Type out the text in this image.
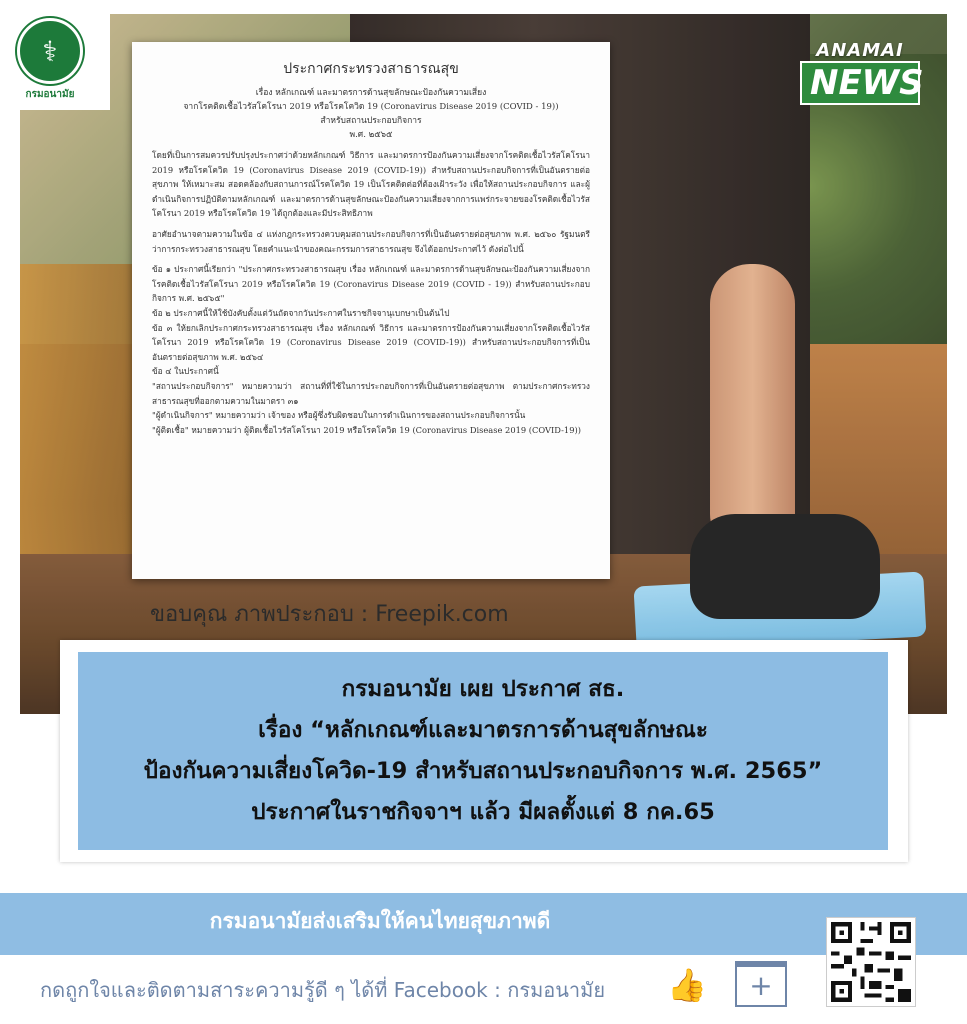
⚕
กรมอนามัย
ANAMAI
NEWS
ประกาศกระทรวงสาธารณสุข
เรื่อง หลักเกณฑ์ และมาตรการด้านสุขลักษณะป้องกันความเสี่ยง
จากโรคติดเชื้อไวรัสโคโรนา 2019 หรือโรคโควิด 19 (Coronavirus Disease 2019 (COVID - 19))
สำหรับสถานประกอบกิจการ
พ.ศ. ๒๕๖๕
โดยที่เป็นการสมควรปรับปรุงประกาศว่าด้วยหลักเกณฑ์ วิธีการ และมาตรการป้องกันความเสี่ยงจากโรคติดเชื้อไวรัสโคโรนา 2019 หรือโรคโควิด 19 (Coronavirus Disease 2019 (COVID-19)) สำหรับสถานประกอบกิจการที่เป็นอันตรายต่อสุขภาพ ให้เหมาะสม สอดคล้องกับสถานการณ์โรคโควิด 19 เป็นโรคติดต่อที่ต้องเฝ้าระวัง เพื่อให้สถานประกอบกิจการ และผู้ดำเนินกิจการปฏิบัติตามหลักเกณฑ์ และมาตรการด้านสุขลักษณะป้องกันความเสี่ยงจากการแพร่กระจายของโรคติดเชื้อไวรัสโคโรนา 2019 หรือโรคโควิด 19 ได้ถูกต้องและมีประสิทธิภาพ
อาศัยอำนาจตามความในข้อ ๔ แห่งกฎกระทรวงควบคุมสถานประกอบกิจการที่เป็นอันตรายต่อสุขภาพ พ.ศ. ๒๕๖๐ รัฐมนตรีว่าการกระทรวงสาธารณสุข โดยคำแนะนำของคณะกรรมการสาธารณสุข จึงได้ออกประกาศไว้ ดังต่อไปนี้
ข้อ ๑ ประกาศนี้เรียกว่า "ประกาศกระทรวงสาธารณสุข เรื่อง หลักเกณฑ์ และมาตรการด้านสุขลักษณะป้องกันความเสี่ยงจากโรคติดเชื้อไวรัสโคโรนา 2019 หรือโรคโควิด 19 (Coronavirus Disease 2019 (COVID - 19)) สำหรับสถานประกอบกิจการ พ.ศ. ๒๕๖๕"
ข้อ ๒ ประกาศนี้ให้ใช้บังคับตั้งแต่วันถัดจากวันประกาศในราชกิจจานุเบกษาเป็นต้นไป
ข้อ ๓ ให้ยกเลิกประกาศกระทรวงสาธารณสุข เรื่อง หลักเกณฑ์ วิธีการ และมาตรการป้องกันความเสี่ยงจากโรคติดเชื้อไวรัสโคโรนา 2019 หรือโรคโควิด 19 (Coronavirus Disease 2019 (COVID-19)) สำหรับสถานประกอบกิจการที่เป็นอันตรายต่อสุขภาพ พ.ศ. ๒๕๖๔
ข้อ ๔ ในประกาศนี้
"สถานประกอบกิจการ" หมายความว่า สถานที่ที่ใช้ในการประกอบกิจการที่เป็นอันตรายต่อสุขภาพ ตามประกาศกระทรวงสาธารณสุขที่ออกตามความในมาตรา ๓๑
"ผู้ดำเนินกิจการ" หมายความว่า เจ้าของ หรือผู้ซึ่งรับผิดชอบในการดำเนินการของสถานประกอบกิจการนั้น
"ผู้ติดเชื้อ" หมายความว่า ผู้ติดเชื้อไวรัสโคโรนา 2019 หรือโรคโควิด 19 (Coronavirus Disease 2019 (COVID-19))
ขอบคุณ ภาพประกอบ : Freepik.com
กรมอนามัย เผย ประกาศ สธ.
เรื่อง “หลักเกณฑ์และมาตรการด้านสุขลักษณะ
ป้องกันความเสี่ยงโควิด-19 สำหรับสถานประกอบกิจการ พ.ศ. 2565”
ประกาศในราชกิจจาฯ แล้ว มีผลตั้งแต่ 8 กค.65
กรมอนามัยส่งเสริมให้คนไทยสุขภาพดี
กดถูกใจและติดตามสาระความรู้ดี ๆ ได้ที่ Facebook : กรมอนามัย 👍	+
